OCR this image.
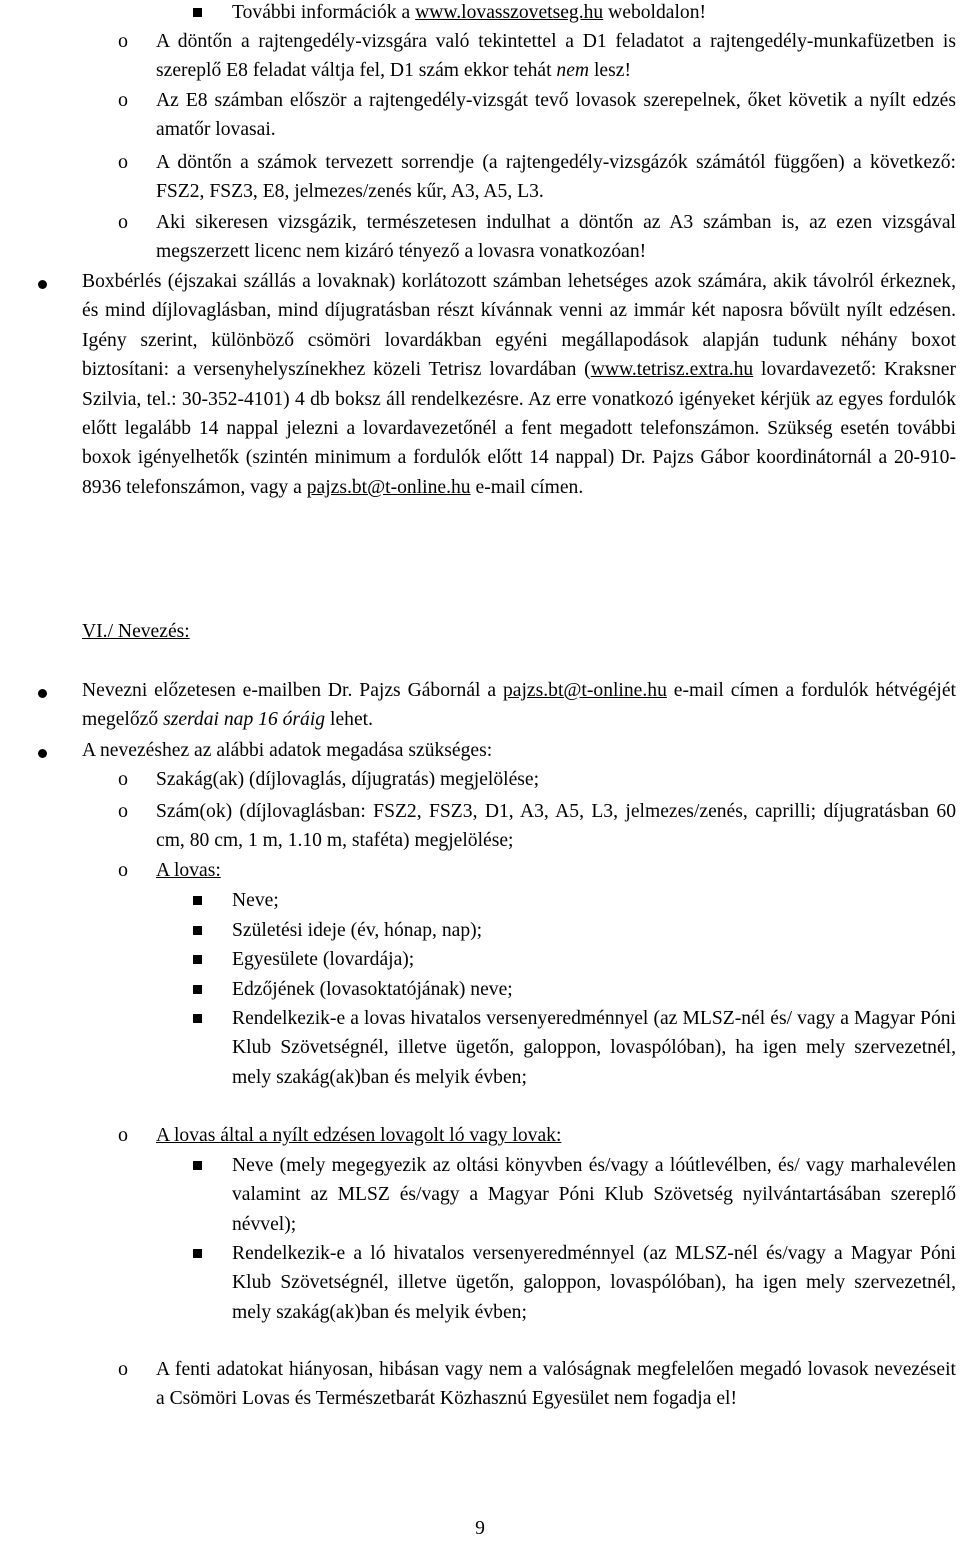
További információk a www.lovasszovetseg.hu weboldalon!

o A döntőn a rajtengedély-vizsgára való tekintettel a D1 feladatot a rajtengedély-munkafüzetben is szereplő E8 feladat váltja fel, D1 szám ekkor tehát nem lesz!

o Az E8 számban először a rajtengedély-vizsgát tevő lovasok szerepelnek, őket követik a nyílt edzés amatőr lovasai.

o A döntőn a számok tervezett sorrendje (a rajtengedély-vizsgázók számától függően) a következő: FSZ2, FSZ3, E8, jelmezes/zenés kűr, A3, A5, L3.

o Aki sikeresen vizsgázik, természetesen indulhat a döntőn az A3 számban is, az ezen vizsgával megszerzett licenc nem kizáró tényező a lovasra vonatkozóan!

Boxbérlés (éjszakai szállás a lovaknak) korlátozott számban lehetséges azok számára, akik távolról érkeznek, és mind díjlovaglásban, mind díjugratásban részt kívánnak venni az immár két naposra bővült nyílt edzésen. Igény szerint, különböző csömöri lovardákban egyéni megállapodások alapján tudunk néhány boxot biztosítani: a versenyhelyszínekhez közeli Tetrisz lovardában (www.tetrisz.extra.hu lovardavezető: Kraksner Szilvia, tel.: 30-352-4101) 4 db boksz áll rendelkezésre. Az erre vonatkozó igényeket kérjük az egyes fordulók előtt legalább 14 nappal jelezni a lovardavezetőnél a fent megadott telefonszámon. Szükség esetén további boxok igényelhetők (szintén minimum a fordulók előtt 14 nappal) Dr. Pajzs Gábor koordinátornál a 20-910-8936 telefonszámon, vagy a pajzs.bt@t-online.hu e-mail címen.

VI./ Nevezés:

Nevezni előzetesen e-mailben Dr. Pajzs Gábornál a pajzs.bt@t-online.hu e-mail címen a fordulók hétvégéjét megelőző szerdai nap 16 óráig lehet.

A nevezéshez az alábbi adatok megadása szükséges:

o Szakág(ak) (díjlovaglás, díjugratás) megjelölése;

o Szám(ok) (díjlovaglásban: FSZ2, FSZ3, D1, A3, A5, L3, jelmezes/zenés, caprilli; díjugratásban 60 cm, 80 cm, 1 m, 1.10 m, staféta) megjelölése;

o A lovas:

Neve;

Születési ideje (év, hónap, nap);

Egyesülete (lovardája);

Edzőjének (lovasoktatójának) neve;

Rendelkezik-e a lovas hivatalos versenyeredménnyel (az MLSZ-nél és/ vagy a Magyar Póni Klub Szövetségnél, illetve ügetőn, galoppon, lovaspólóban), ha igen mely szervezetnél, mely szakág(ak)ban és melyik évben;

o A lovas által a nyílt edzésen lovagolt ló vagy lovak:

Neve (mely megegyezik az oltási könyvben és/vagy a lóútlevélben, és/ vagy marhalevélen valamint az MLSZ és/vagy a Magyar Póni Klub Szövetség nyilvántartásában szereplő névvel);

Rendelkezik-e a ló hivatalos versenyeredménnyel (az MLSZ-nél és/vagy a Magyar Póni Klub Szövetségnél, illetve ügetőn, galoppon, lovaspólóban), ha igen mely szervezetnél, mely szakág(ak)ban és melyik évben;

o A fenti adatokat hiányosan, hibásan vagy nem a valóságnak megfelelően megadó lovasok nevezéseit a Csömöri Lovas és Természetbarát Közhasznú Egyesület nem fogadja el!

9
